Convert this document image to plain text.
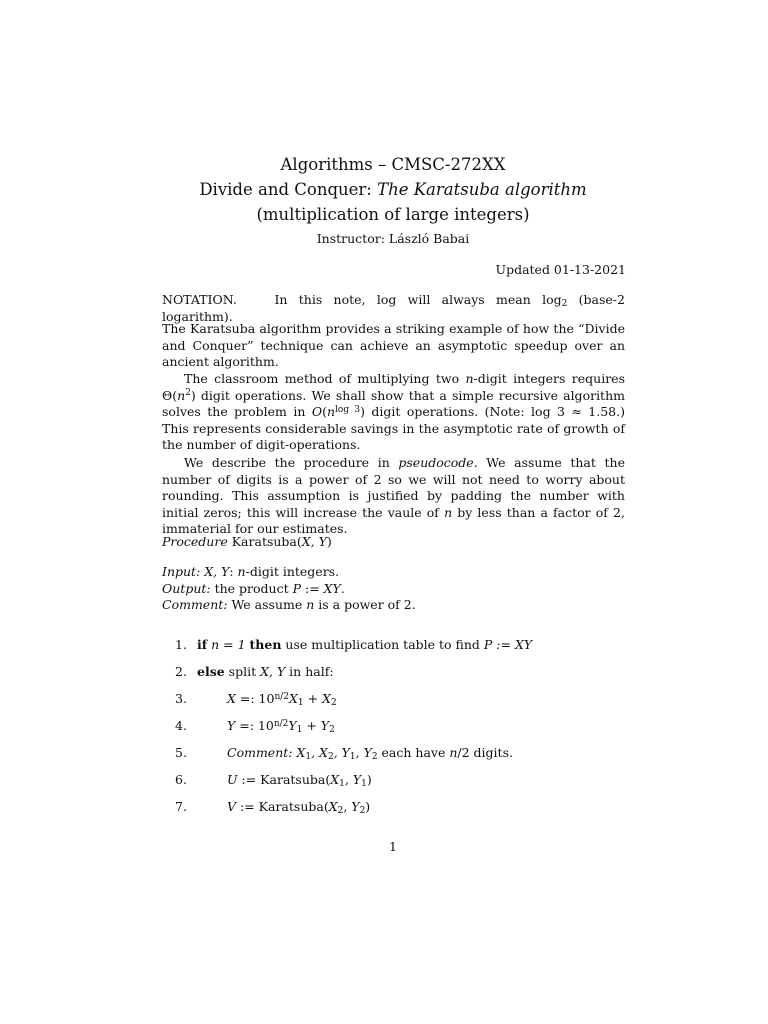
Algorithms – CMSC-272XX
Divide and Conquer: The Karatsuba algorithm
(multiplication of large integers)
Instructor: László Babai
Updated 01-13-2021
NOTATION.	In this note, log will always mean $\log_2$ (base-2 logarithm).
The Karatsuba algorithm provides a striking example of how the “Divide and Conquer” technique can achieve an asymptotic speedup over an ancient algorithm.
The classroom method of multiplying two n-digit integers requires $\Theta(n^2)$ digit operations. We shall show that a simple recursive algorithm solves the problem in $O(n^{log 3})$ digit operations. (Note: log 3 ≈ 1.58.) This represents considerable savings in the asymptotic rate of growth of the number of digit-operations.
We describe the procedure in pseudocode. We assume that the number of digits is a power of 2 so we will not need to worry about rounding. This assumption is justified by padding the number with initial zeros; this will increase the vaule of n by less than a factor of 2, immaterial for our estimates.
Procedure Karatsuba(X, Y)
Input: X, Y: n-digit integers.
Output: the product P := XY.
Comment: We assume n is a power of 2.
1. if n = 1 then use multiplication table to find P := XY
2. else split X, Y in half:
3.	X =: $10^{n/2}X_1 + X_2$
4.	Y =: $10^{n/2}Y_1 + Y_2$
5.	Comment: $X_1$, $X_2$, $Y_1$, $Y_2$ each have n/2 digits.
6.	U := $Karatsuba(X_1$, $Y_1$)
7.	V := $Karatsuba(X_2$, $Y_2$)
1
